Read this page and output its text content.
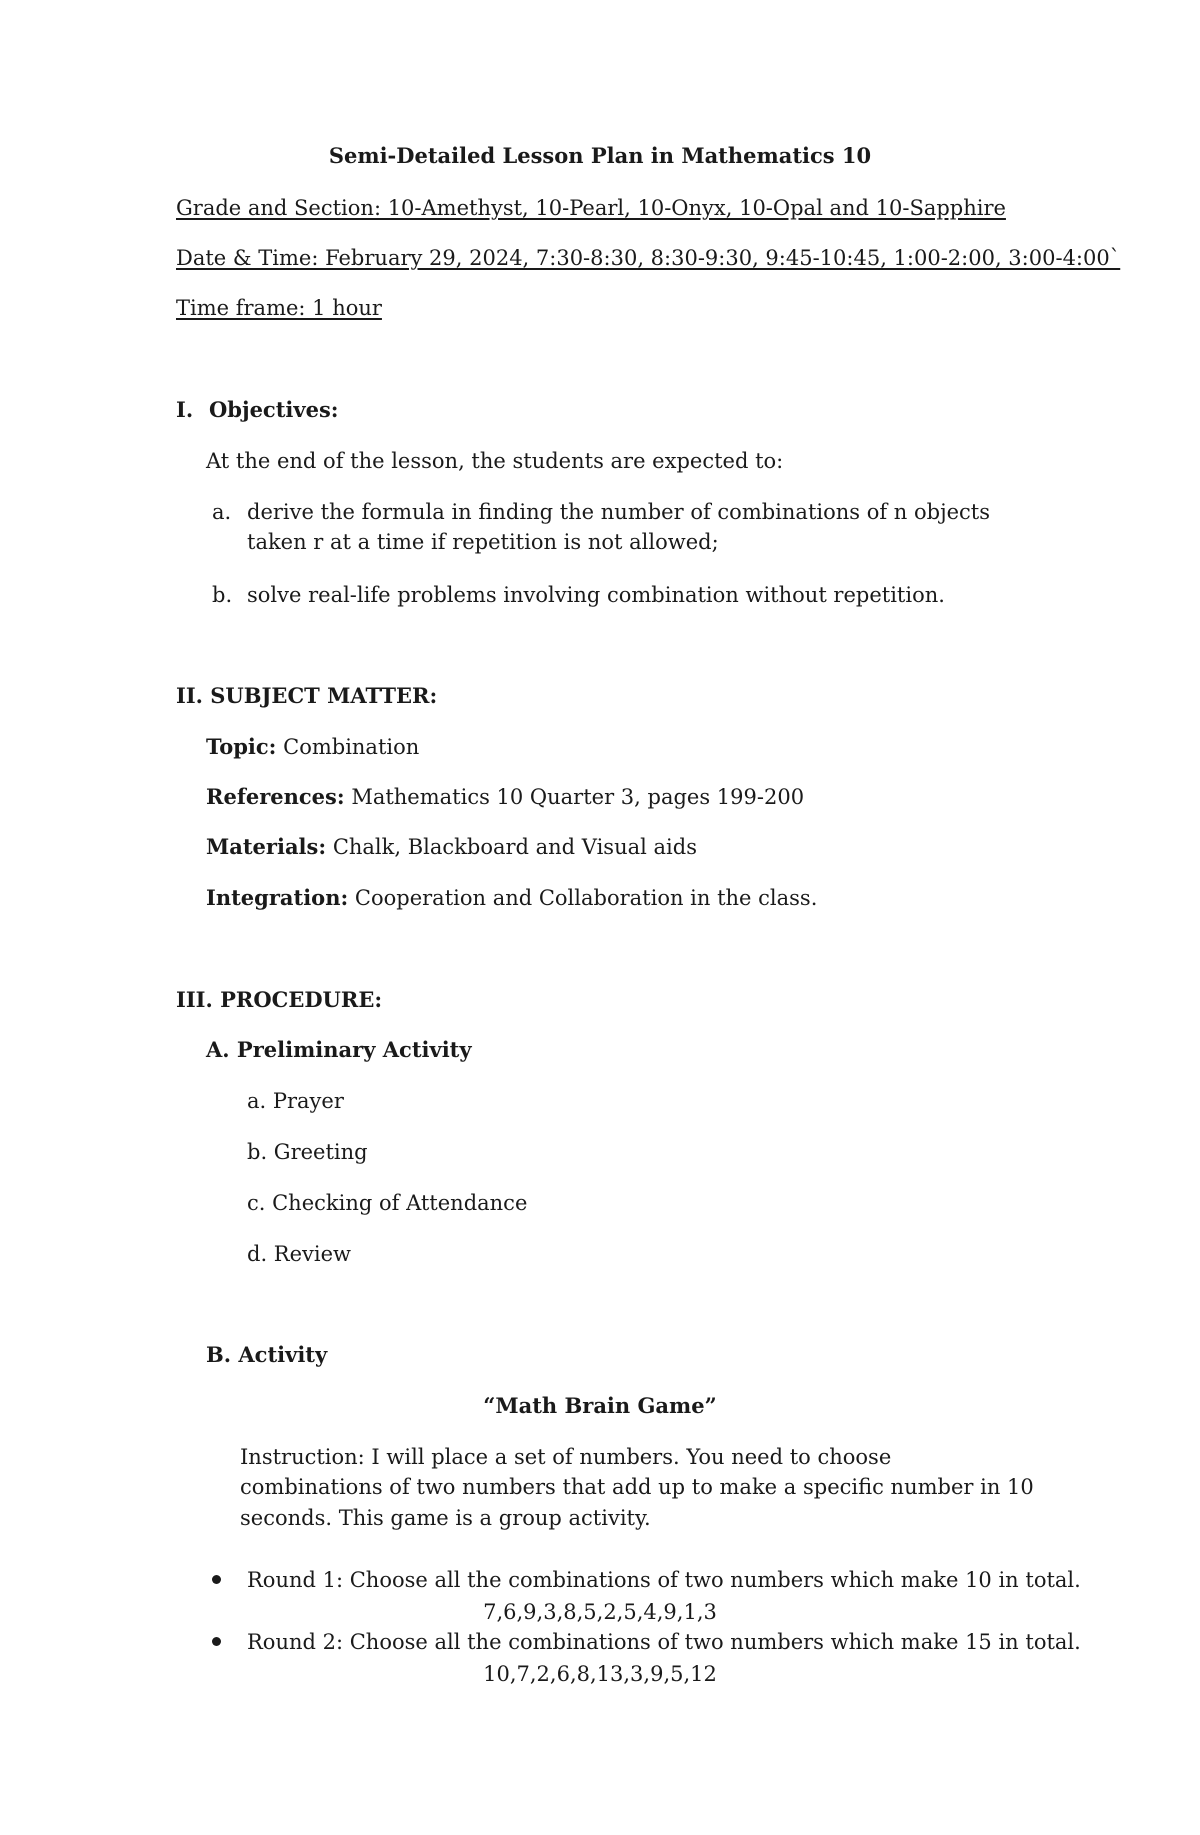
Semi-Detailed Lesson Plan in Mathematics 10
Grade and Section: 10-Amethyst, 10-Pearl, 10-Onyx, 10-Opal and 10-Sapphire
Date & Time: February 29, 2024, 7:30-8:30, 8:30-9:30, 9:45-10:45, 1:00-2:00, 3:00-4:00`
Time frame: 1 hour
I. Objectives:
At the end of the lesson, the students are expected to:
a. derive the formula in finding the number of combinations of n objects taken r at a time if repetition is not allowed;
b. solve real-life problems involving combination without repetition.
II. SUBJECT MATTER:
Topic: Combination
References: Mathematics 10 Quarter 3, pages 199-200
Materials: Chalk, Blackboard and Visual aids
Integration: Cooperation and Collaboration in the class.
III. PROCEDURE:
A. Preliminary Activity
a. Prayer
b. Greeting
c. Checking of Attendance
d. Review
B. Activity
“Math Brain Game”
Instruction: I will place a set of numbers. You need to choose combinations of two numbers that add up to make a specific number in 10 seconds. This game is a group activity.
Round 1: Choose all the combinations of two numbers which make 10 in total.
7,6,9,3,8,5,2,5,4,9,1,3
Round 2: Choose all the combinations of two numbers which make 15 in total.
10,7,2,6,8,13,3,9,5,12
